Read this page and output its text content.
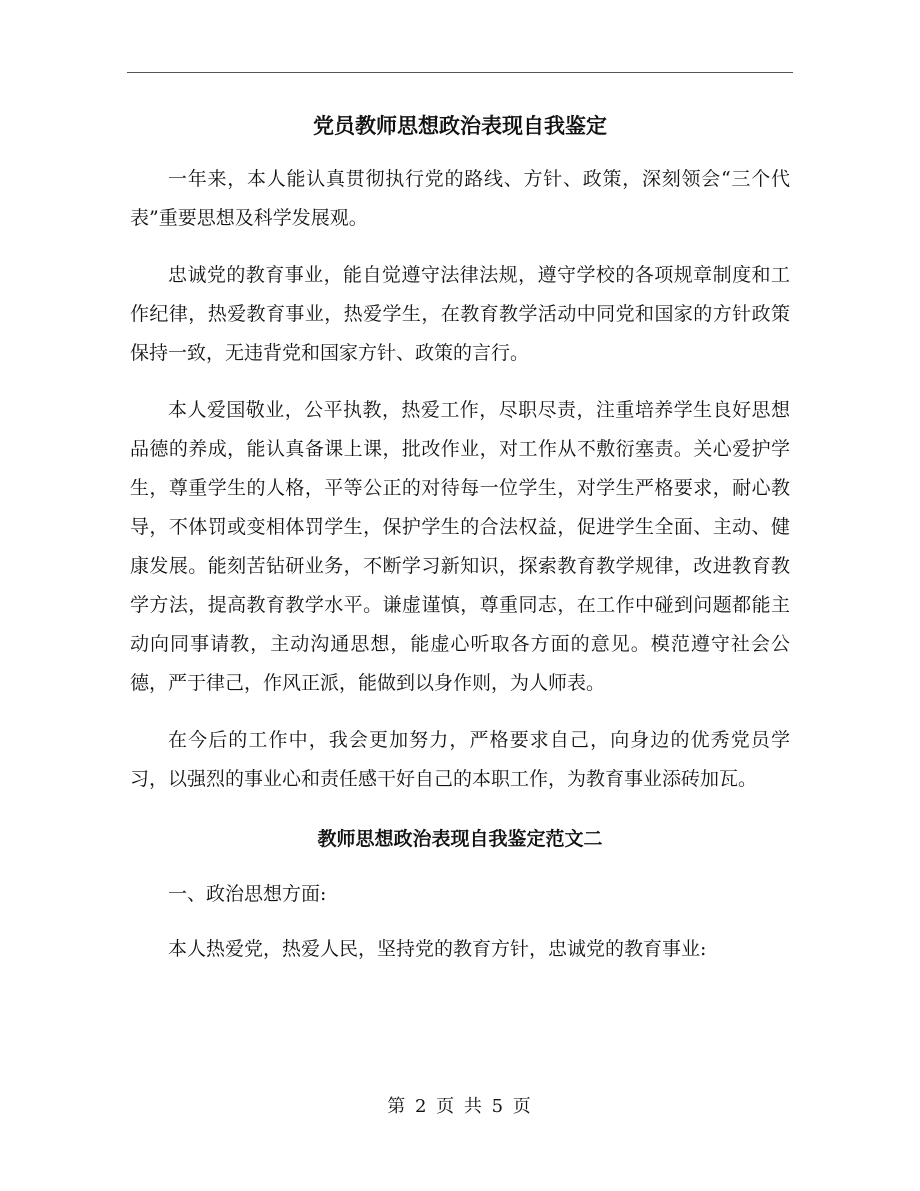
党员教师思想政治表现自我鉴定

一年来，本人能认真贯彻执行党的路线、方针、政策，深刻领会“三个代表”重要思想及科学发展观。

忠诚党的教育事业，能自觉遵守法律法规，遵守学校的各项规章制度和工作纪律，热爱教育事业，热爱学生，在教育教学活动中同党和国家的方针政策保持一致，无违背党和国家方针、政策的言行。

本人爱国敬业，公平执教，热爱工作，尽职尽责，注重培养学生良好思想品德的养成，能认真备课上课，批改作业，对工作从不敷衍塞责。关心爱护学生，尊重学生的人格，平等公正的对待每一位学生，对学生严格要求，耐心教导，不体罚或变相体罚学生，保护学生的合法权益，促进学生全面、主动、健康发展。能刻苦钻研业务，不断学习新知识，探索教育教学规律，改进教育教学方法，提高教育教学水平。谦虚谨慎，尊重同志，在工作中碰到问题都能主动向同事请教，主动沟通思想，能虚心听取各方面的意见。模范遵守社会公德，严于律己，作风正派，能做到以身作则，为人师表。

在今后的工作中，我会更加努力，严格要求自己，向身边的优秀党员学习，以强烈的事业心和责任感干好自己的本职工作，为教育事业添砖加瓦。

教师思想政治表现自我鉴定范文二

一、政治思想方面:

本人热爱党，热爱人民，坚持党的教育方针，忠诚党的教育事业:

第 2 页 共 5 页
